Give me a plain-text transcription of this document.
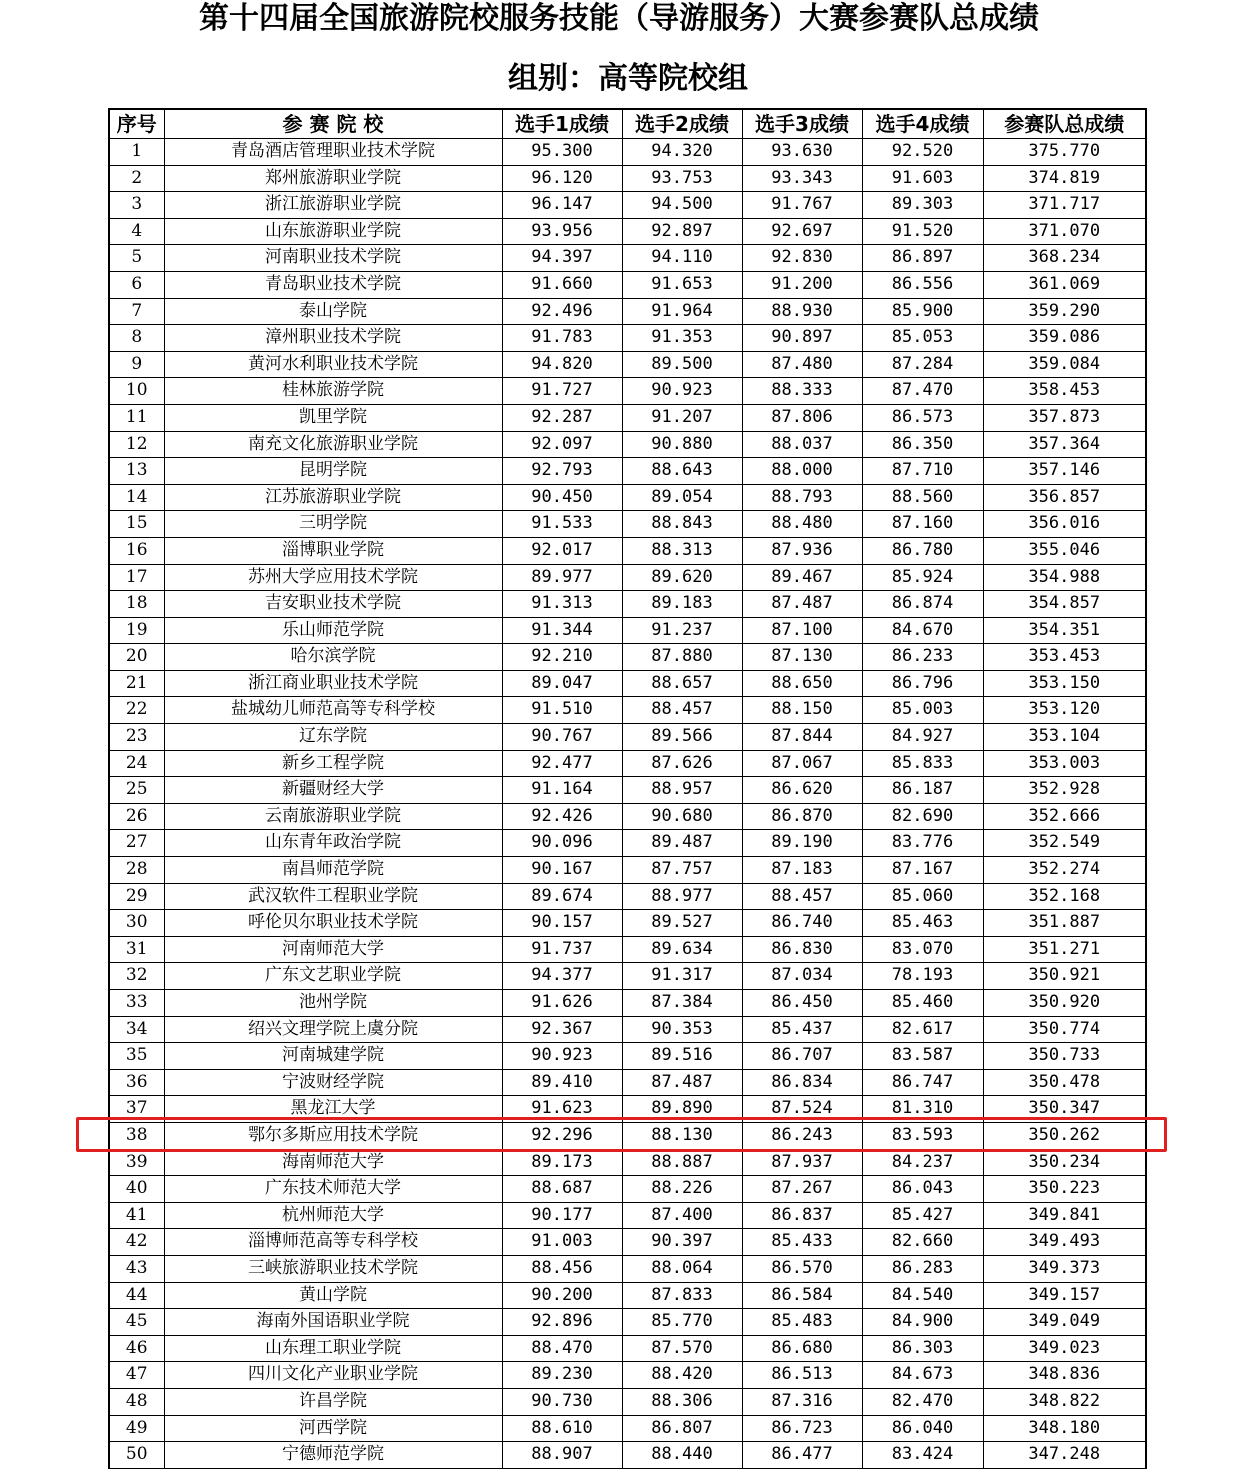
第十四届全国旅游院校服务技能（导游服务）大赛参赛队总成绩
组别：高等院校组
序号	参 赛 院 校	选手1成绩	选手2成绩	选手3成绩	选手4成绩	参赛队总成绩
1	青岛酒店管理职业技术学院	95.300	94.320	93.630	92.520	375.770
2	郑州旅游职业学院	96.120	93.753	93.343	91.603	374.819
3	浙江旅游职业学院	96.147	94.500	91.767	89.303	371.717
4	山东旅游职业学院	93.956	92.897	92.697	91.520	371.070
5	河南职业技术学院	94.397	94.110	92.830	86.897	368.234
6	青岛职业技术学院	91.660	91.653	91.200	86.556	361.069
7	泰山学院	92.496	91.964	88.930	85.900	359.290
8	漳州职业技术学院	91.783	91.353	90.897	85.053	359.086
9	黄河水利职业技术学院	94.820	89.500	87.480	87.284	359.084
10	桂林旅游学院	91.727	90.923	88.333	87.470	358.453
11	凯里学院	92.287	91.207	87.806	86.573	357.873
12	南充文化旅游职业学院	92.097	90.880	88.037	86.350	357.364
13	昆明学院	92.793	88.643	88.000	87.710	357.146
14	江苏旅游职业学院	90.450	89.054	88.793	88.560	356.857
15	三明学院	91.533	88.843	88.480	87.160	356.016
16	淄博职业学院	92.017	88.313	87.936	86.780	355.046
17	苏州大学应用技术学院	89.977	89.620	89.467	85.924	354.988
18	吉安职业技术学院	91.313	89.183	87.487	86.874	354.857
19	乐山师范学院	91.344	91.237	87.100	84.670	354.351
20	哈尔滨学院	92.210	87.880	87.130	86.233	353.453
21	浙江商业职业技术学院	89.047	88.657	88.650	86.796	353.150
22	盐城幼儿师范高等专科学校	91.510	88.457	88.150	85.003	353.120
23	辽东学院	90.767	89.566	87.844	84.927	353.104
24	新乡工程学院	92.477	87.626	87.067	85.833	353.003
25	新疆财经大学	91.164	88.957	86.620	86.187	352.928
26	云南旅游职业学院	92.426	90.680	86.870	82.690	352.666
27	山东青年政治学院	90.096	89.487	89.190	83.776	352.549
28	南昌师范学院	90.167	87.757	87.183	87.167	352.274
29	武汉软件工程职业学院	89.674	88.977	88.457	85.060	352.168
30	呼伦贝尔职业技术学院	90.157	89.527	86.740	85.463	351.887
31	河南师范大学	91.737	89.634	86.830	83.070	351.271
32	广东文艺职业学院	94.377	91.317	87.034	78.193	350.921
33	池州学院	91.626	87.384	86.450	85.460	350.920
34	绍兴文理学院上虞分院	92.367	90.353	85.437	82.617	350.774
35	河南城建学院	90.923	89.516	86.707	83.587	350.733
36	宁波财经学院	89.410	87.487	86.834	86.747	350.478
37	黑龙江大学	91.623	89.890	87.524	81.310	350.347
38	鄂尔多斯应用技术学院	92.296	88.130	86.243	83.593	350.262
39	海南师范大学	89.173	88.887	87.937	84.237	350.234
40	广东技术师范大学	88.687	88.226	87.267	86.043	350.223
41	杭州师范大学	90.177	87.400	86.837	85.427	349.841
42	淄博师范高等专科学校	91.003	90.397	85.433	82.660	349.493
43	三峡旅游职业技术学院	88.456	88.064	86.570	86.283	349.373
44	黄山学院	90.200	87.833	86.584	84.540	349.157
45	海南外国语职业学院	92.896	85.770	85.483	84.900	349.049
46	山东理工职业学院	88.470	87.570	86.680	86.303	349.023
47	四川文化产业职业学院	89.230	88.420	86.513	84.673	348.836
48	许昌学院	90.730	88.306	87.316	82.470	348.822
49	河西学院	88.610	86.807	86.723	86.040	348.180
50	宁德师范学院	88.907	88.440	86.477	83.424	347.248
